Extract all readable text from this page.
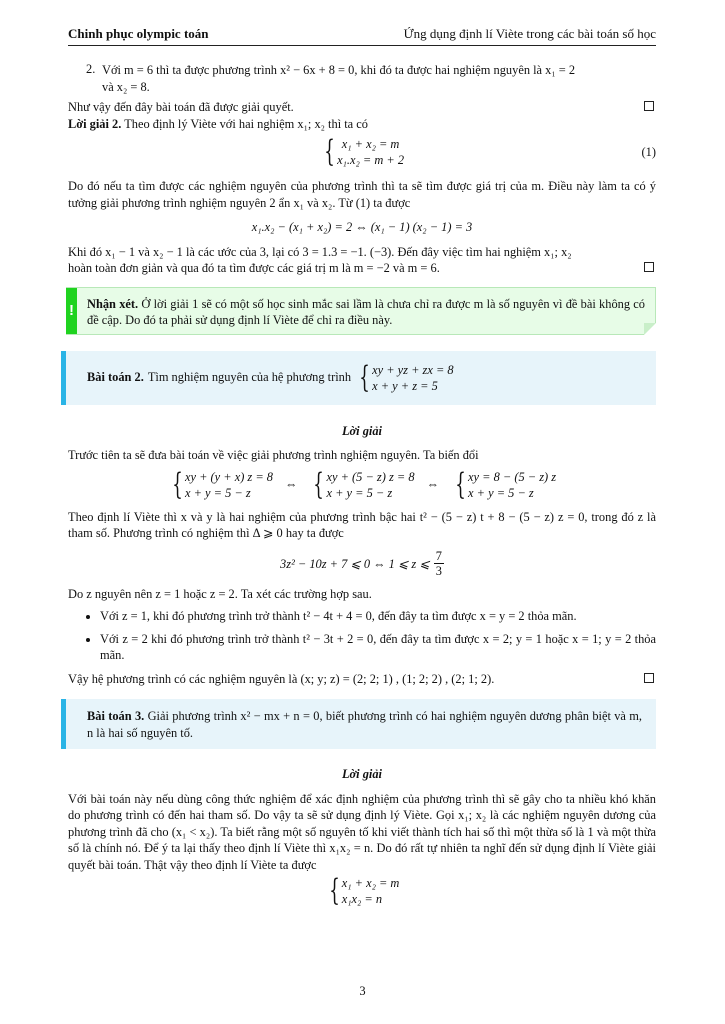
Chinh phục olympic toán	Ứng dụng định lí Viète trong các bài toán số học
2. Với m = 6 thì ta được phương trình x² − 6x + 8 = 0, khi đó ta được hai nghiệm nguyên là x₁ = 2

và x₂ = 8.

Như vậy đến đây bài toán đã được giải quyết.

Lời giải 2. Theo định lý Viète với hai nghiệm x₁; x₂ thì ta có

{ x₁ + x₂ = m
x₁.x₂ = m + 2
(1)

Do đó nếu ta tìm được các nghiệm nguyên của phương trình thì ta sẽ tìm được giá trị của m. Điều này làm ta có ý tưởng giải phương trình nghiệm nguyên 2 ẩn x₁ và x₂. Từ (1) ta được

x₁.x₂ − (x₁ + x₂) = 2 ⇔ (x₁ − 1) (x₂ − 1) = 3

Khi đó x₁ − 1 và x₂ − 1 là các ước của 3, lại có 3 = 1.3 = −1. (−3). Đến đây việc tìm hai nghiệm x₁; x₂

hoàn toàn đơn giản và qua đó ta tìm được các giá trị m là m = −2 và m = 6.

! Nhận xét. Ở lời giải 1 sẽ có một số học sinh mắc sai lầm là chưa chỉ ra được m là số nguyên vì đề bài không có đề cập. Do đó ta phải sử dụng định lí Viète để chỉ ra điều này.

Bài toán 2. Tìm nghiệm nguyên của hệ phương trình { xy + yz + zx = 8
x + y + z = 5

Lời giải

Trước tiên ta sẽ đưa bài toán về việc giải phương trình nghiệm nguyên. Ta biến đổi

{ xy + (y + x) z = 8
x + y = 5 − z
⇔ { xy + (5 − z) z = 8
x + y = 5 − z
⇔ { xy = 8 − (5 − z) z
x + y = 5 − z

Theo định lí Viète thì x và y là hai nghiệm của phương trình bậc hai t² − (5 − z) t + 8 − (5 − z) z = 0, trong đó z là tham số. Phương trình có nghiệm thì Δ ⩾ 0 hay ta được

3z² − 10z + 7 ⩽ 0 ⇔ 1 ⩽ z ⩽ $\frac{7}{3}$

Do z nguyên nên z = 1 hoặc z = 2. Ta xét các trường hợp sau.

• Với z = 1, khi đó phương trình trở thành t² − 4t + 4 = 0, đến đây ta tìm được x = y = 2 thỏa mãn.
• Với z = 2 khi đó phương trình trở thành t² − 3t + 2 = 0, đến đây ta tìm được x = 2; y = 1 hoặc x = 1; y = 2 thỏa mãn.

Vậy hệ phương trình có các nghiệm nguyên là (x; y; z) = (2; 2; 1) , (1; 2; 2) , (2; 1; 2).

Bài toán 3. Giải phương trình x² − mx + n = 0, biết phương trình có hai nghiệm nguyên dương phân biệt và m, n là hai số nguyên tố.

Lời giải

Với bài toán này nếu dùng công thức nghiệm để xác định nghiệm của phương trình thì sẽ gây cho ta nhiều khó khăn do phương trình có đến hai tham số. Do vậy ta sẽ sử dụng định lý Viète. Gọi x₁; x₂ là các nghiệm nguyên dương của phương trình đã cho (x₁ < x₂). Ta biết rằng một số nguyên tố khi viết thành tích hai số thì một thừa số là 1 và một thừa số là chính nó. Để ý ta lại thấy theo định lí Viète thì x₁x₂ = n. Do đó rất tự nhiên ta nghĩ đến sử dụng định lí Viète giải quyết bài toán. Thật vậy theo định lí Viète ta được

{ x₁ + x₂ = m
x₁x₂ = n
3
